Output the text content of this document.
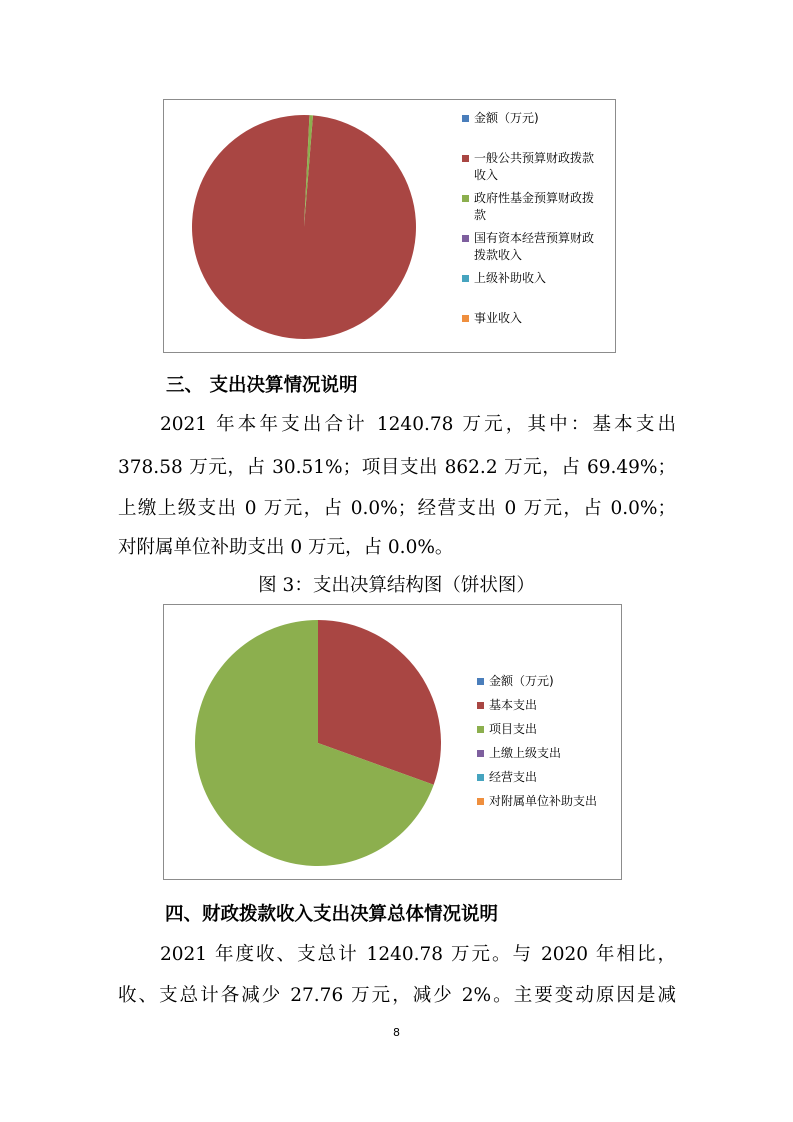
金额（万元)
一般公共预算财政拨款
收入
政府性基金预算财政拨
款
国有资本经营预算财政
拨款收入
上级补助收入
事业收入
三、 支出决算情况说明
2021 年本年支出合计 1240.78 万元，其中：基本支出
378.58 万元，占 30.51%；项目支出 862.2 万元，占 69.49%；
上缴上级支出 0 万元，占 0.0%；经营支出 0 万元，占 0.0%；
对附属单位补助支出 0 万元，占 0.0%。
图 3：支出决算结构图（饼状图）
金额（万元)
基本支出
项目支出
上缴上级支出
经营支出
对附属单位补助支出
四、财政拨款收入支出决算总体情况说明
2021 年度收、支总计 1240.78 万元。与 2020 年相比，
收、支总计各减少 27.76 万元，减少 2%。主要变动原因是减
8
